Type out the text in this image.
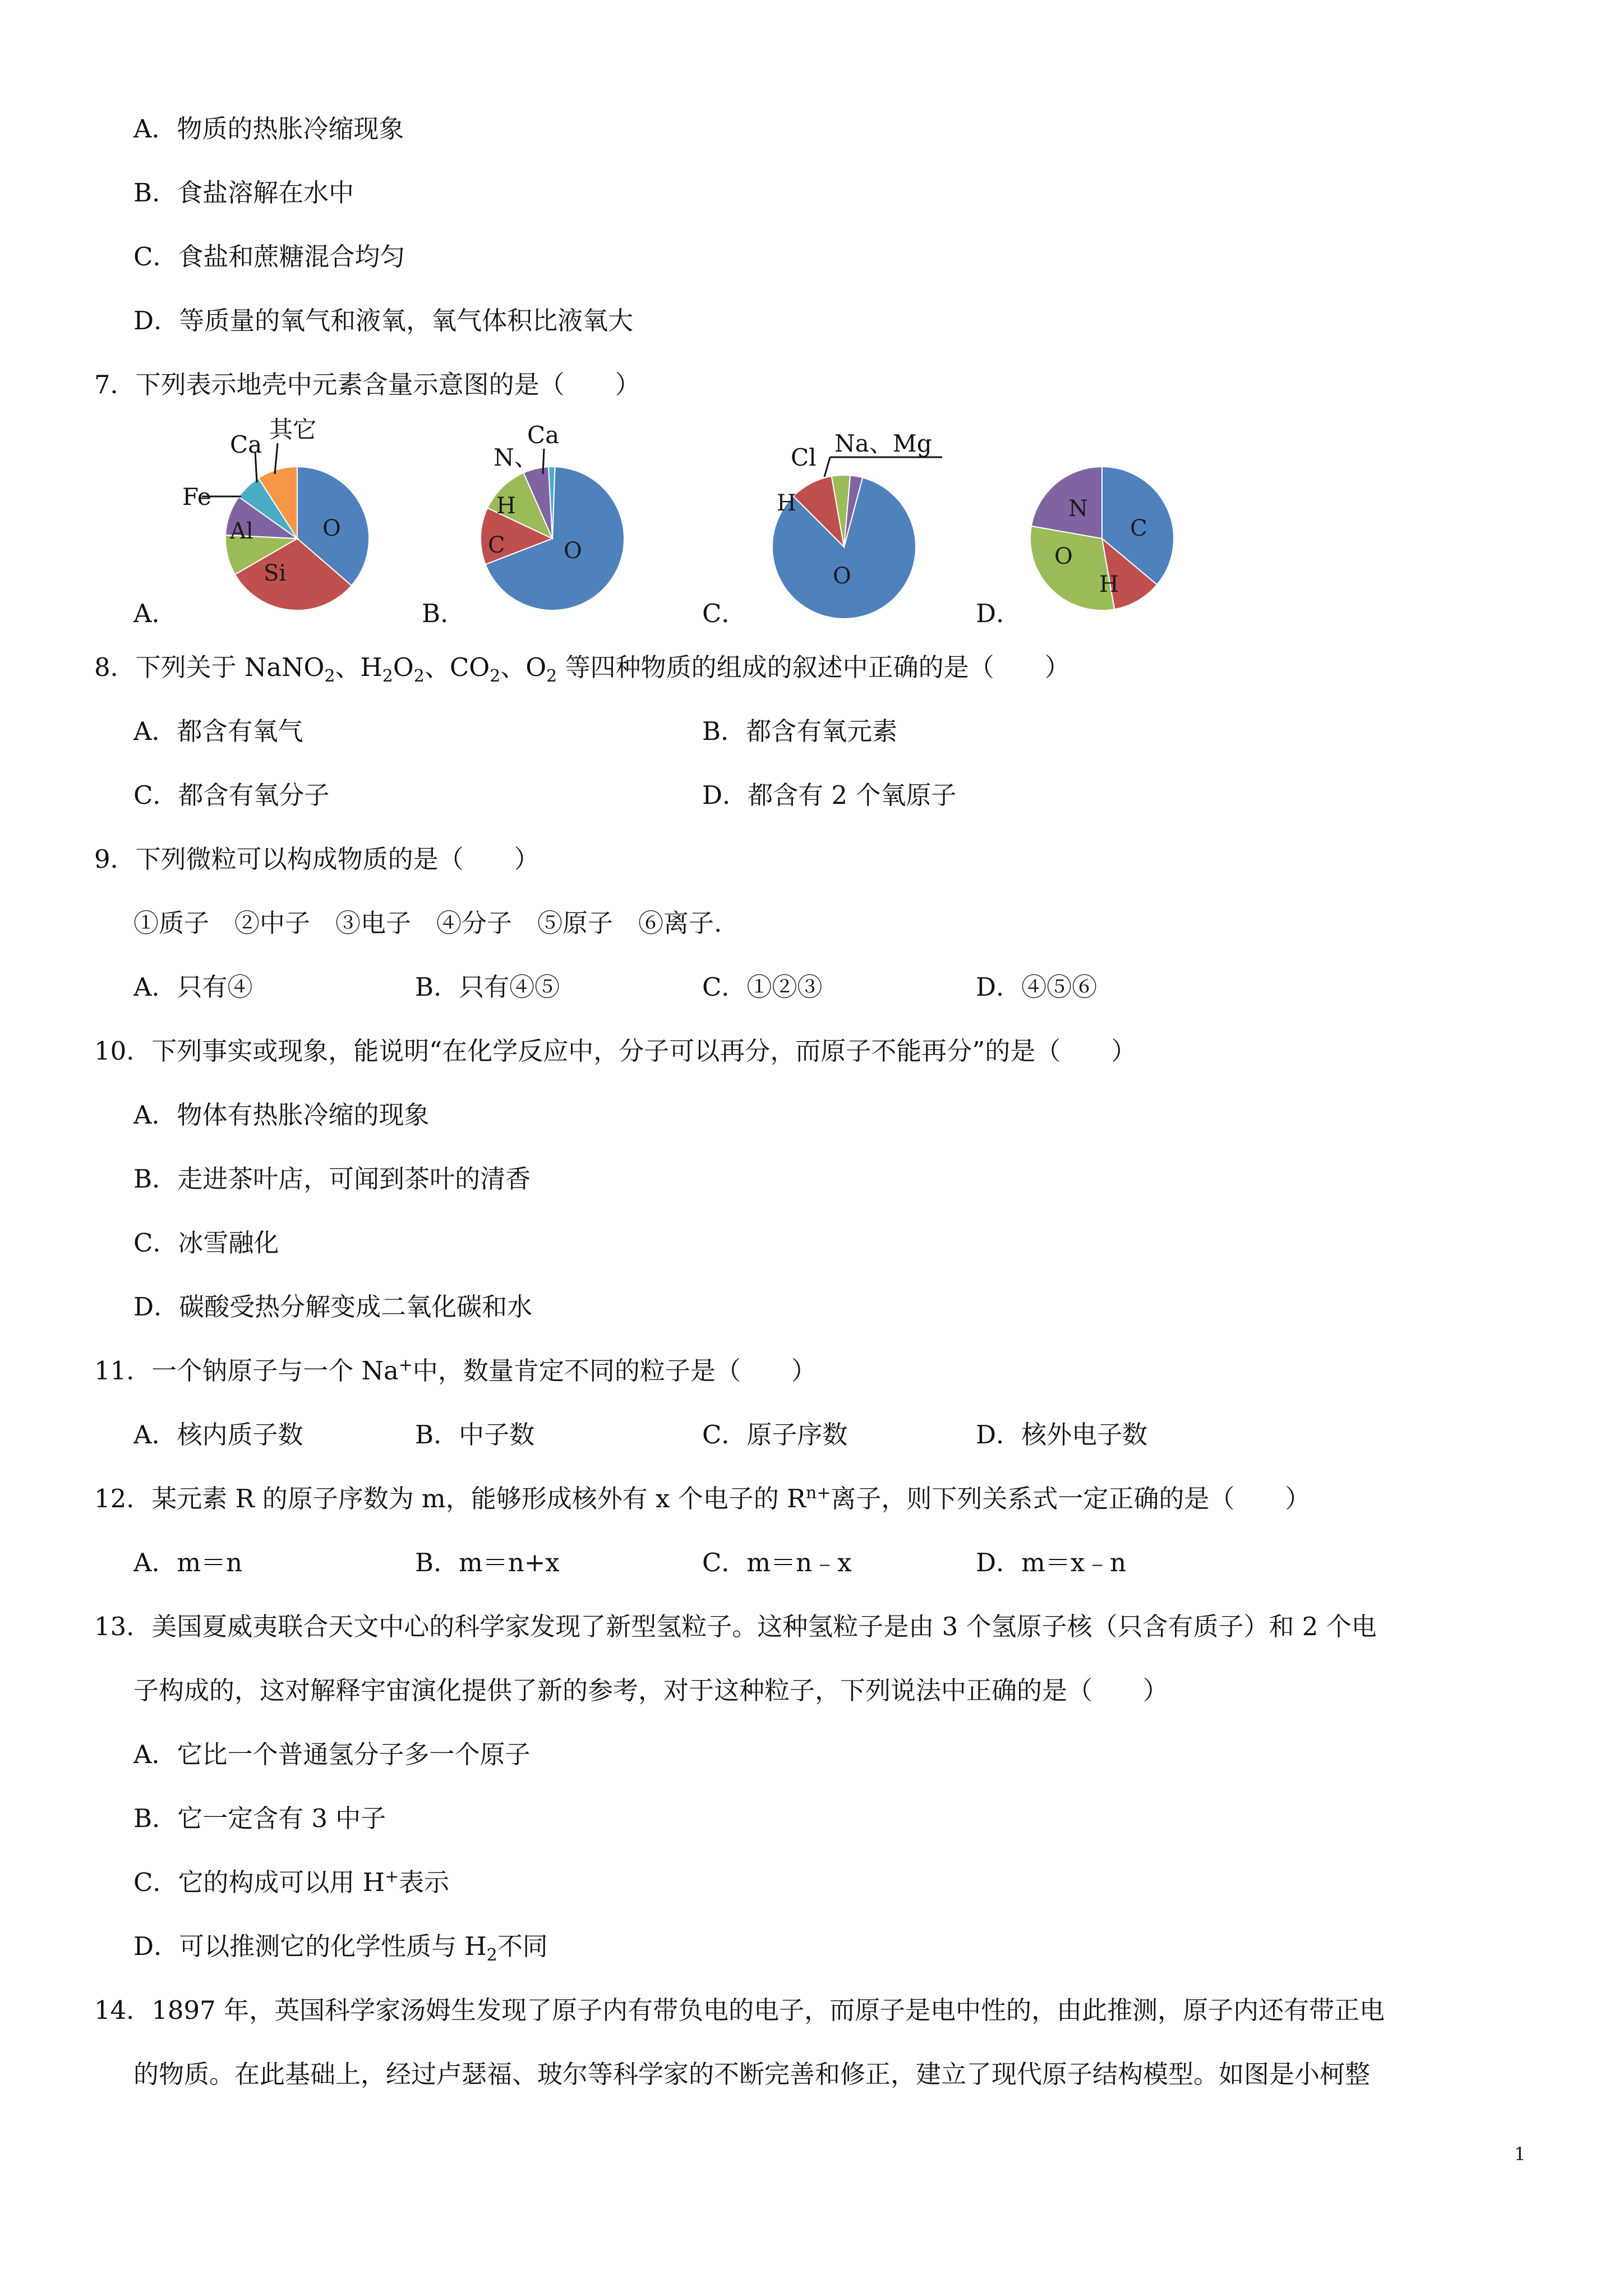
A．物质的热胀冷缩现象
B．食盐溶解在水中
C．食盐和蔗糖混合均匀
D．等质量的氧气和液氧，氧气体积比液氧大
7．下列表示地壳中元素含量示意图的是（　　）
Fe
Ca
其它
O
Si
Al
A．
N、
Ca
O
C
H
B．
Cl
Na、Mg
H
O
C．
C
H
O
N
D．
8．下列关于 NaNO$_2$、$H_2O_2$、$CO_2$、$O_2$ 等四种物质的组成的叙述中正确的是（　　）
A．都含有氧气	B．都含有氧元素
C．都含有氧分子	D．都含有 2 个氧原子
9．下列微粒可以构成物质的是（　　）
①质子　②中子　③电子　④分子　⑤原子　⑥离子.
A．只有④	B．只有④⑤	C．①②③	D．④⑤⑥
10．下列事实或现象，能说明“在化学反应中，分子可以再分，而原子不能再分”的是（　　）
A．物体有热胀冷缩的现象
B．走进茶叶店，可闻到茶叶的清香
C．冰雪融化
D．碳酸受热分解变成二氧化碳和水
11．一个钠原子与一个 Na+中，数量肯定不同的粒子是（　　）
A．核内质子数	B．中子数	C．原子序数	D．核外电子数
12．某元素 R 的原子序数为 m，能够形成核外有 x 个电子的 $R^{n+}$离子，则下列关系式一定正确的是（　　）
A．m＝n	B．m＝n+x	C．m＝n﹣x	D．m＝x﹣n
13．美国夏威夷联合天文中心的科学家发现了新型氢粒子。这种氢粒子是由 3 个氢原子核（只含有质子）和 2 个电
子构成的，这对解释宇宙演化提供了新的参考，对于这种粒子，下列说法中正确的是（　　）
A．它比一个普通氢分子多一个原子
B．它一定含有 3 中子
C．它的构成可以用 H+表示
D．可以推测它的化学性质与 $H_2$不同
14．1897 年，英国科学家汤姆生发现了原子内有带负电的电子，而原子是电中性的，由此推测，原子内还有带正电
的物质。在此基础上，经过卢瑟福、玻尔等科学家的不断完善和修正，建立了现代原子结构模型。如图是小柯整
1
